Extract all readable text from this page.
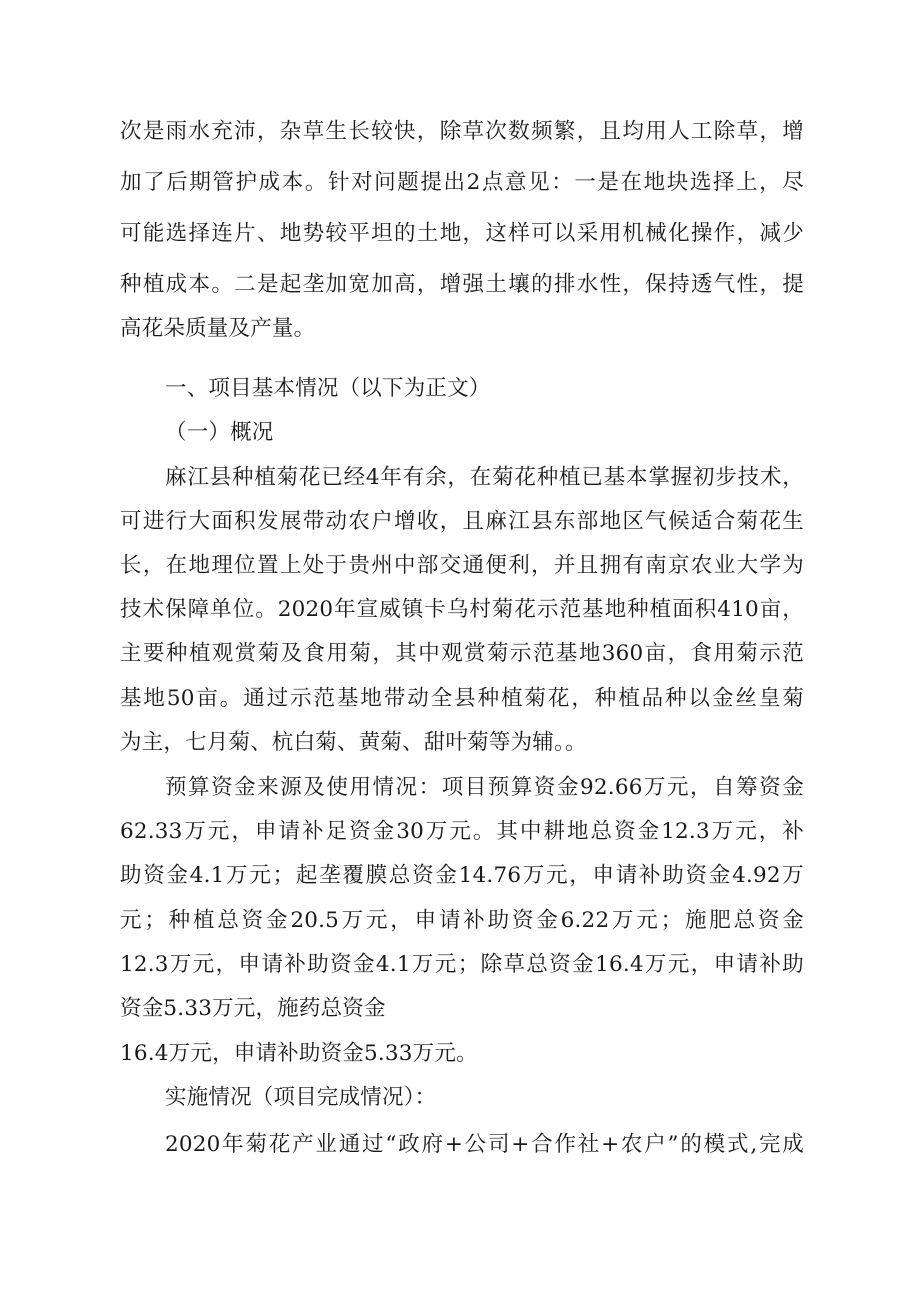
次是雨水充沛，杂草生长较快，除草次数频繁，且均用人工除草，增
加了后期管护成本。针对问题提出2点意见：一是在地块选择上，尽
可能选择连片、地势较平坦的土地，这样可以采用机械化操作，减少
种植成本。二是起垄加宽加高，增强土壤的排水性，保持透气性，提
高花朵质量及产量。
一、项目基本情况（以下为正文）
（一）概况
麻江县种植菊花已经4年有余，在菊花种植已基本掌握初步技术，
可进行大面积发展带动农户增收，且麻江县东部地区气候适合菊花生
长，在地理位置上处于贵州中部交通便利，并且拥有南京农业大学为
技术保障单位。2020年宣威镇卡乌村菊花示范基地种植面积410亩，
主要种植观赏菊及食用菊，其中观赏菊示范基地360亩，食用菊示范
基地50亩。通过示范基地带动全县种植菊花，种植品种以金丝皇菊
为主，七月菊、杭白菊、黄菊、甜叶菊等为辅。。
预算资金来源及使用情况：项目预算资金92.66万元，自筹资金
62.33万元，申请补足资金30万元。其中耕地总资金12.3万元，补
助资金4.1万元；起垄覆膜总资金14.76万元，申请补助资金4.92万
元；种植总资金20.5万元，申请补助资金6.22万元；施肥总资金
12.3万元，申请补助资金4.1万元；除草总资金16.4万元，申请补助
资金5.33万元，施药总资金
16.4万元，申请补助资金5.33万元。
实施情况（项目完成情况）：
2020年菊花产业通过“政府+公司+合作社+农户”的模式,完成
